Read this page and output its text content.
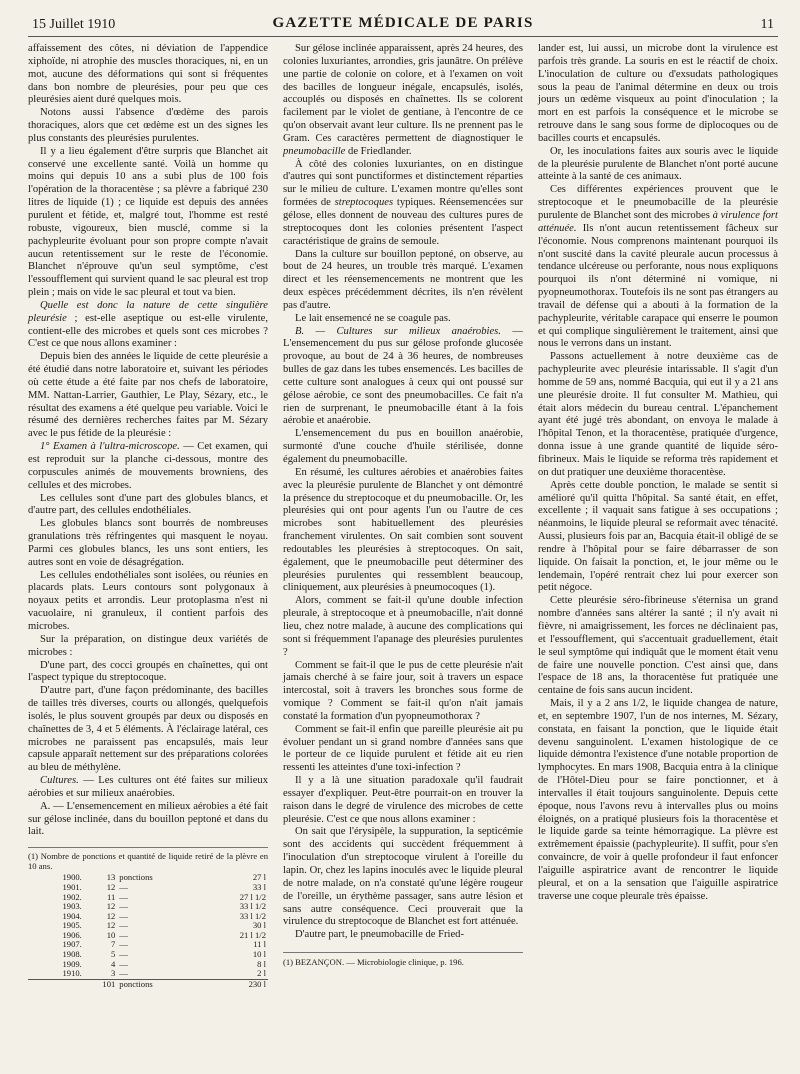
15 Juillet 1910	GAZETTE MÉDICALE DE PARIS	11

affaissement des côtes, ni déviation de l'appendice xiphoïde, ni atrophie des muscles thoraciques, ni, en un mot, aucune des déformations qui sont si fréquentes dans bon nombre de pleurésies, pour peu que ces pleurésies aient duré quelques mois.

Notons aussi l'absence d'œdème des parois thoraciques, alors que cet œdème est un des signes les plus constants des pleurésies purulentes.

Il y a lieu également d'être surpris que Blanchet ait conservé une excellente santé. Voilà un homme qu moins qui depuis 10 ans a subi plus de 100 fois l'opération de la thoracentèse ; sa plèvre a fabriqué 230 litres de liquide (1) ; ce liquide est depuis des années purulent et fétide, et, malgré tout, l'homme est resté robuste, vigoureux, bien musclé, comme si la pachypleurite évoluant pour son propre compte n'avait aucun retentissement sur le reste de l'économie. Blanchet n'éprouve qu'un seul symptôme, c'est l'essoufflement qui survient quand le sac pleural est trop plein ; mais on vide le sac pleural et tout va bien.

Quelle est donc la nature de cette singulière pleurésie ; est-elle aseptique ou est-elle virulente, contient-elle des microbes et quels sont ces microbes ? C'est ce que nous allons examiner :

Depuis bien des années le liquide de cette pleurésie a été étudié dans notre laboratoire et, suivant les périodes où cette étude a été faite par nos chefs de laboratoire, MM. Nattan-Larrier, Gauthier, Le Play, Sézary, etc., le résultat des examens a été quelque peu variable. Voici le résumé des dernières recherches faites par M. Sézary avec le pus fétide de la pleurésie :

1° Examen à l'ultra-microscope. — Cet examen, qui est reproduit sur la planche ci-dessous, montre des corpuscules animés de mouvements browniens, des cellules et des microbes.

Les cellules sont d'une part des globules blancs, et d'autre part, des cellules endothéliales.

Les globules blancs sont bourrés de nombreuses granulations très réfringentes qui masquent le noyau. Parmi ces globules blancs, les uns sont entiers, les autres sont en voie de désagrégation.

Les cellules endothéliales sont isolées, ou réunies en placards plats. Leurs contours sont polygonaux à noyaux petits et arrondis. Leur protoplasma n'est ni vacuolaire, ni granuleux, il contient parfois des microbes.

Sur la préparation, on distingue deux variétés de microbes :

D'une part, des cocci groupés en chaînettes, qui ont l'aspect typique du streptocoque.

D'autre part, d'une façon prédominante, des bacilles de tailles très diverses, courts ou allongés, quelquefois isolés, le plus souvent groupés par deux ou disposés en chaînettes de 3, 4 et 5 éléments. À l'éclairage latéral, ces microbes ne paraissent pas encapsulés, mais leur capsule apparaît nettement sur des préparations colorées au bleu de méthylène.

Cultures. — Les cultures ont été faites sur milieux aérobies et sur milieux anaérobies.

A. — L'ensemencement en milieux aérobies a été fait sur gélose inclinée, dans du bouillon peptoné et dans du lait.

(1) Nombre de ponctions et quantité de liquide retiré de la plèvre en 10 ans.

1900.	13	ponctions	27 l
1901.	12	—	33 l
1902.	11	—	27 l 1/2
1903.	12	—	33 l 1/2
1904.	12	—	33 l 1/2
1905.	12	—	30 l
1906.	10	—	21 l 1/2
1907.	7	—	11 l
1908.	5	—	10 l
1909.	4	—	8 l
1910.	3	—	2 l
	101	ponctions	230 l

Sur gélose inclinée apparaissent, après 24 heures, des colonies luxuriantes, arrondies, gris jaunâtre. On prélève une partie de colonie on colore, et à l'examen on voit des bacilles de longueur inégale, encapsulés, isolés, accouplés ou disposés en chaînettes. Ils se colorent facilement par le violet de gentiane, à l'encontre de ce qu'on observait avant leur culture. Ils ne prennent pas le Gram. Ces caractères permettent de diagnostiquer le pneumobacille de Friedlander.

À côté des colonies luxuriantes, on en distingue d'autres qui sont punctiformes et distinctement réparties sur le milieu de culture. L'examen montre qu'elles sont formées de streptocoques typiques. Réensemencées sur gélose, elles donnent de nouveau des cultures pures de streptocoques dont les colonies présentent l'aspect caractéristique de grains de semoule.

Dans la culture sur bouillon peptoné, on observe, au bout de 24 heures, un trouble très marqué. L'examen direct et les réensemencements ne montrent que les deux espèces précédemment décrites, ils n'en révèlent pas d'autre.

Le lait ensemencé ne se coagule pas.

B. — Cultures sur milieux anaérobies. — L'ensemencement du pus sur gélose profonde glucosée provoque, au bout de 24 à 36 heures, de nombreuses bulles de gaz dans les tubes ensemencés. Les bacilles de cette culture sont analogues à ceux qui ont poussé sur gélose aérobie, ce sont des pneumobacilles. Ce fait n'a rien de surprenant, le pneumobacille étant à la fois aérobie et anaérobie.

L'ensemencement du pus en bouillon anaérobie, surmonté d'une couche d'huile stérilisée, donne également du pneumobacille.

En résumé, les cultures aérobies et anaérobies faites avec la pleurésie purulente de Blanchet y ont démontré la présence du streptocoque et du pneumobacille. Or, les pleurésies qui ont pour agents l'un ou l'autre de ces microbes sont habituellement des pleurésies franchement virulentes. On sait combien sont souvent redoutables les pleurésies à streptocoques. On sait, également, que le pneumobacille peut déterminer des pleurésies purulentes qui ressemblent beaucoup, cliniquement, aux pleurésies à pneumocoques (1).

Alors, comment se fait-il qu'une double infection pleurale, à streptocoque et à pneumobacille, n'ait donné lieu, chez notre malade, à aucune des complications qui sont si fréquemment l'apanage des pleurésies purulentes ?

Comment se fait-il que le pus de cette pleurésie n'ait jamais cherché à se faire jour, soit à travers un espace intercostal, soit à travers les bronches sous forme de vomique ? Comment se fait-il qu'on n'ait jamais constaté la formation d'un pyopneumothorax ?

Comment se fait-il enfin que pareille pleurésie ait pu évoluer pendant un si grand nombre d'années sans que le porteur de ce liquide purulent et fétide ait eu rien ressenti les atteintes d'une toxi-infection ?

Il y a là une situation paradoxale qu'il faudrait essayer d'expliquer. Peut-être pourrait-on en trouver la raison dans le degré de virulence des microbes de cette pleurésie. C'est ce que nous allons examiner :

On sait que l'érysipèle, la suppuration, la septicémie sont des accidents qui succèdent fréquemment à l'inoculation d'un streptocoque virulent à l'oreille du lapin. Or, chez les lapins inoculés avec le liquide pleural de notre malade, on n'a constaté qu'une légère rougeur de l'oreille, un érythème passager, sans autre lésion et sans autre conséquence. Ceci prouverait que la virulence du streptocoque de Blanchet est fort atténuée.

D'autre part, le pneumobacille de Fried-

(1) BEZANÇON. — Microbiologie clinique, p. 196.

lander est, lui aussi, un microbe dont la virulence est parfois très grande. La souris en est le réactif de choix. L'inoculation de culture ou d'exsudats pathologiques sous la peau de l'animal détermine en deux ou trois jours un œdème visqueux au point d'inoculation ; la mort en est parfois la conséquence et le microbe se retrouve dans le sang sous forme de diplocoques ou de bacilles courts et encapsulés.

Or, les inoculations faites aux souris avec le liquide de la pleurésie purulente de Blanchet n'ont porté aucune atteinte à la santé de ces animaux.

Ces différentes expériences prouvent que le streptocoque et le pneumobacille de la pleurésie purulente de Blanchet sont des microbes à virulence fort atténuée. Ils n'ont aucun retentissement fâcheux sur l'économie. Nous comprenons maintenant pourquoi ils n'ont suscité dans la cavité pleurale aucun processus à tendance ulcéreuse ou perforante, nous nous expliquons pourquoi ils n'ont déterminé ni vomique, ni pyopneumothorax. Toutefois ils ne sont pas étrangers au travail de défense qui a abouti à la formation de la pachypleurite, véritable carapace qui enserre le poumon et qui complique singulièrement le traitement, ainsi que nous le verrons dans un instant.

Passons actuellement à notre deuxième cas de pachypleurite avec pleurésie intarissable. Il s'agit d'un homme de 59 ans, nommé Bacquia, qui eut il y a 21 ans une pleurésie droite. Il fut consulter M. Mathieu, qui était alors médecin du bureau central. L'épanchement ayant été jugé très abondant, on envoya le malade à l'hôpital Tenon, et la thoracentèse, pratiquée d'urgence, donna issue à une grande quantité de liquide séro-fibrineux. Mais le liquide se reforma très rapidement et on dut pratiquer une deuxième thoracentèse.

Après cette double ponction, le malade se sentit si amélioré qu'il quitta l'hôpital. Sa santé était, en effet, excellente ; il vaquait sans fatigue à ses occupations ; néanmoins, le liquide pleural se reformait avec ténacité. Aussi, plusieurs fois par an, Bacquia était-il obligé de se rendre à l'hôpital pour se faire débarrasser de son liquide. On faisait la ponction, et, le jour même ou le lendemain, l'opéré rentrait chez lui pour exercer son petit négoce.

Cette pleurésie séro-fibrineuse s'éternisa un grand nombre d'années sans altérer la santé ; il n'y avait ni fièvre, ni amaigrissement, les forces ne déclinaient pas, et l'essoufflement, qui s'accentuait graduellement, était le seul symptôme qui indiquât que le moment était venu de faire une nouvelle ponction. C'est ainsi que, dans l'espace de 18 ans, la thoracentèse fut pratiquée une centaine de fois sans aucun incident.

Mais, il y a 2 ans 1/2, le liquide changea de nature, et, en septembre 1907, l'un de nos internes, M. Sézary, constata, en faisant la ponction, que le liquide était devenu sanguinolent. L'examen histologique de ce liquide démontra l'existence d'une notable proportion de lymphocytes. En mars 1908, Bacquia entra à la clinique de l'Hôtel-Dieu pour se faire ponctionner, et à intervalles il était toujours sanguinolente. Depuis cette époque, nous l'avons revu à intervalles plus ou moins éloignés, on a pratiqué plusieurs fois la thoracentèse et le liquide garde sa teinte hémorragique. La plèvre est extrêmement épaissie (pachypleurite). Il suffit, pour s'en convaincre, de voir à quelle profondeur il faut enfoncer l'aiguille aspiratrice avant de rencontrer le liquide pleural, et on a la sensation que l'aiguille aspiratrice traverse une coque pleurale très épaisse.
